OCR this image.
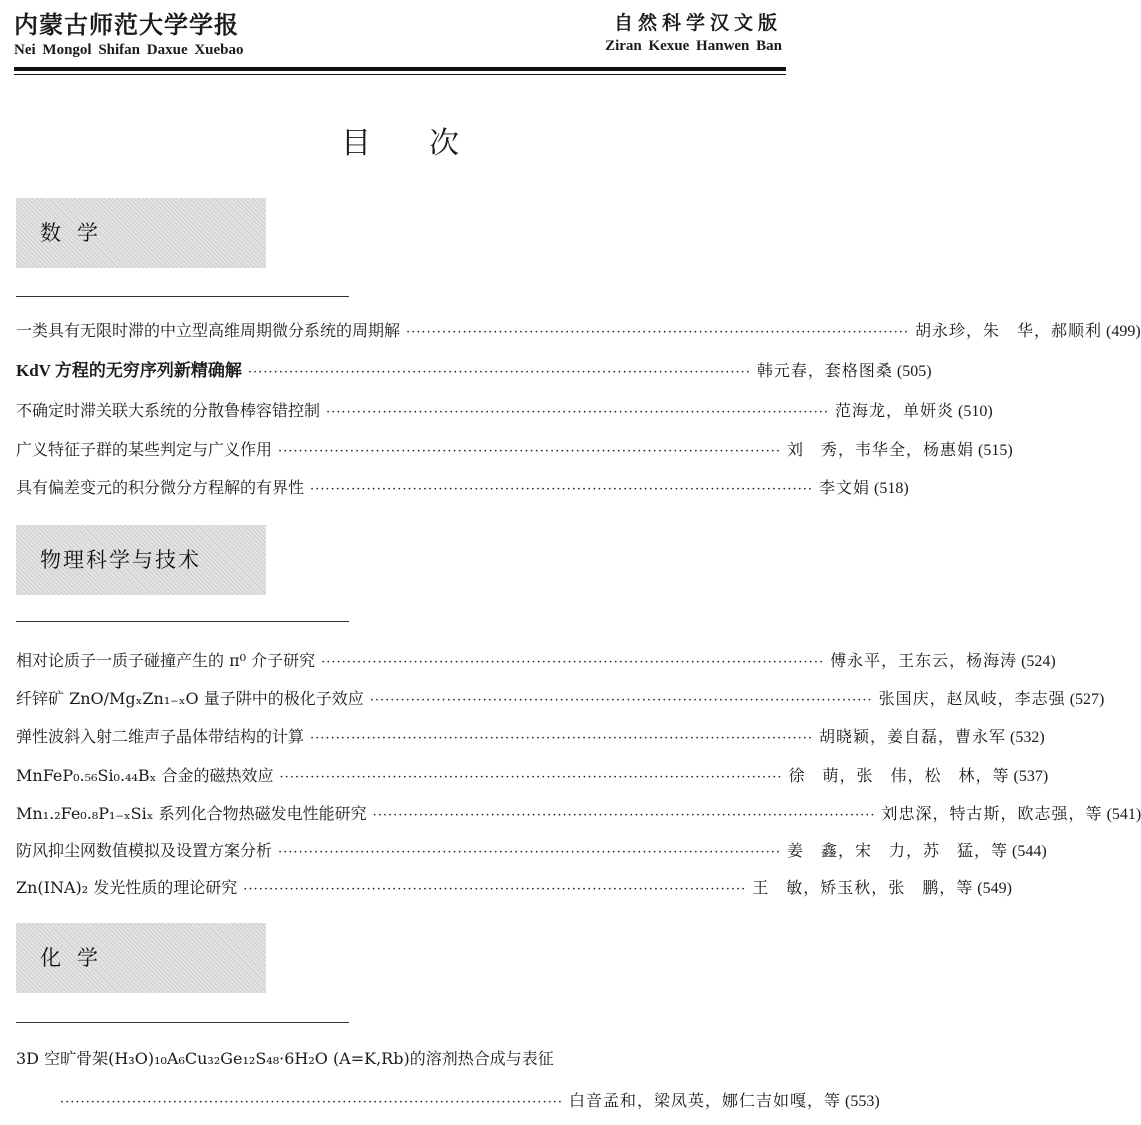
内蒙古师范大学学报
Nei Mongol Shifan Daxue Xuebao
自然科学汉文版
Ziran Kexue Hanwen Ban
目次
数学
一类具有无限时滞的中立型高维周期微分系统的周期解 ·································································································· 胡永珍，朱　华，郝顺利 (499)
KdV 方程的无穷序列新精确解 ·································································································· 韩元春，套格图桑 (505)
不确定时滞关联大系统的分散鲁棒容错控制 ·································································································· 范海龙，单妍炎 (510)
广义特征子群的某些判定与广义作用 ·································································································· 刘　秀，韦华全，杨惠娟 (515)
具有偏差变元的积分微分方程解的有界性 ·································································································· 李文娟 (518)
物理科学与技术
相对论质子一质子碰撞产生的 π⁰ 介子研究 ·································································································· 傅永平，王东云，杨海涛 (524)
纤锌矿 ZnO/MgₓZn₁₋ₓO 量子阱中的极化子效应 ·································································································· 张国庆，赵凤岐，李志强 (527)
弹性波斜入射二维声子晶体带结构的计算 ·································································································· 胡晓颖，姜自磊，曹永军 (532)
MnFeP₀.₅₆Si₀.₄₄Bₓ 合金的磁热效应 ·································································································· 徐　萌，张　伟，松　林，等 (537)
Mn₁.₂Fe₀.₈P₁₋ₓSiₓ 系列化合物热磁发电性能研究 ·································································································· 刘忠深，特古斯，欧志强，等 (541)
防风抑尘网数值模拟及设置方案分析 ·································································································· 姜　鑫，宋　力，苏　猛，等 (544)
Zn(INA)₂ 发光性质的理论研究 ·································································································· 王　敏，矫玉秋，张　鹏，等 (549)
化学
3D 空旷骨架(H₃O)₁₀A₆Cu₃₂Ge₁₂S₄₈·6H₂O (A=K,Rb)的溶剂热合成与表征
·································································································· 白音孟和，梁凤英，娜仁吉如嘎，等 (553)
